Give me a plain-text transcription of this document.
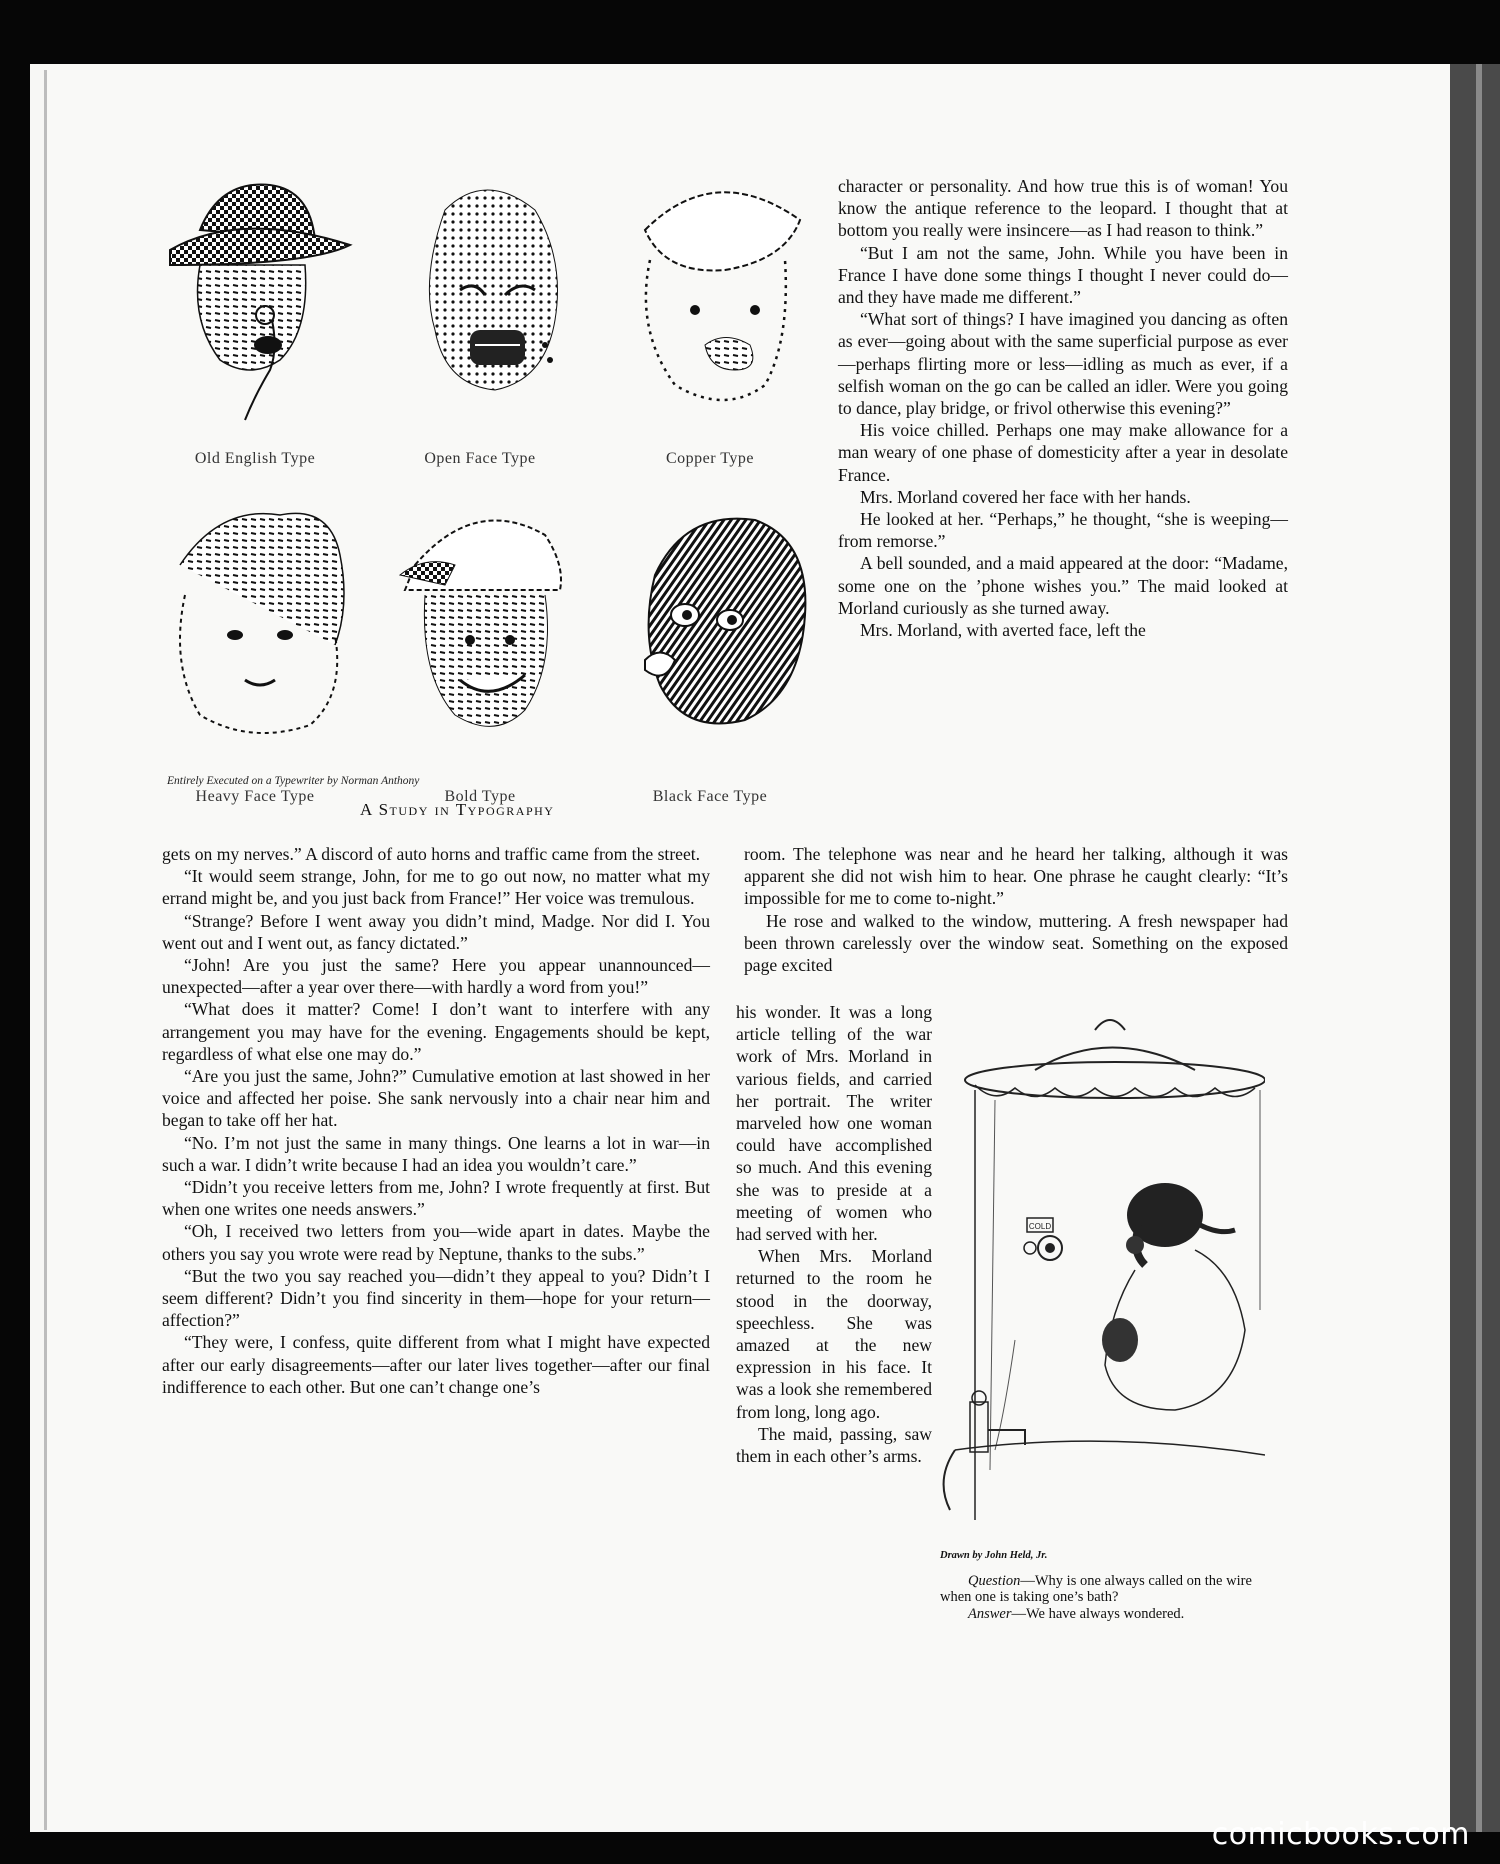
Old English Type	Open Face Type	Copper Type
Heavy Face Type	Bold Type	Black Face Type
Entirely Executed on a Typewriter by Norman Anthony
A Study in Typography

character or personality. And how true this is of woman! You know the antique reference to the leopard. I thought that at bottom you really were insincere—as I had reason to think.”

“But I am not the same, John. While you have been in France I have done some things I thought I never could do—and they have made me different.”

“What sort of things? I have imagined you dancing as often as ever—going about with the same superficial purpose as ever—perhaps flirting more or less—idling as much as ever, if a selfish woman on the go can be called an idler. Were you going to dance, play bridge, or frivol otherwise this evening?”

His voice chilled. Perhaps one may make allowance for a man weary of one phase of domesticity after a year in desolate France.

Mrs. Morland covered her face with her hands.

He looked at her. “Perhaps,” he thought, “she is weeping—from remorse.”

A bell sounded, and a maid appeared at the door: “Madame, some one on the ’phone wishes you.” The maid looked at Morland curiously as she turned away.

Mrs. Morland, with averted face, left the

gets on my nerves.” A discord of auto horns and traffic came from the street.

“It would seem strange, John, for me to go out now, no matter what my errand might be, and you just back from France!” Her voice was tremulous.

“Strange? Before I went away you didn’t mind, Madge. Nor did I. You went out and I went out, as fancy dictated.”

“John! Are you just the same? Here you appear unannounced—unexpected—after a year over there—with hardly a word from you!”

“What does it matter? Come! I don’t want to interfere with any arrangement you may have for the evening. Engagements should be kept, regardless of what else one may do.”

“Are you just the same, John?” Cumulative emotion at last showed in her voice and affected her poise. She sank nervously into a chair near him and began to take off her hat.

“No. I’m not just the same in many things. One learns a lot in war—in such a war. I didn’t write because I had an idea you wouldn’t care.”

“Didn’t you receive letters from me, John? I wrote frequently at first. But when one writes one needs answers.”

“Oh, I received two letters from you—wide apart in dates. Maybe the others you say you wrote were read by Neptune, thanks to the subs.”

“But the two you say reached you—didn’t they appeal to you? Didn’t I seem different? Didn’t you find sincerity in them—hope for your return—affection?”

“They were, I confess, quite different from what I might have expected after our early disagreements—after our later lives together—after our final indifference to each other. But one can’t change one’s

room. The telephone was near and he heard her talking, although it was apparent she did not wish him to hear. One phrase he caught clearly: “It’s impossible for me to come to-night.”

He rose and walked to the window, muttering. A fresh newspaper had been thrown carelessly over the window seat. Something on the exposed page excited

his wonder. It was a long article telling of the war work of Mrs. Morland in various fields, and carried her portrait. The writer marveled how one woman could have accomplished so much. And this evening she was to preside at a meeting of women who had served with her.

When Mrs. Morland returned to the room he stood in the doorway, speechless. She was amazed at the new expression in his face. It was a look she remembered from long, long ago.

The maid, passing, saw them in each other’s arms.

COLD
Drawn by John Held, Jr.

Question—Why is one always called on the wire when one is taking one’s bath?

Answer—We have always wondered.

comicbooks.com
